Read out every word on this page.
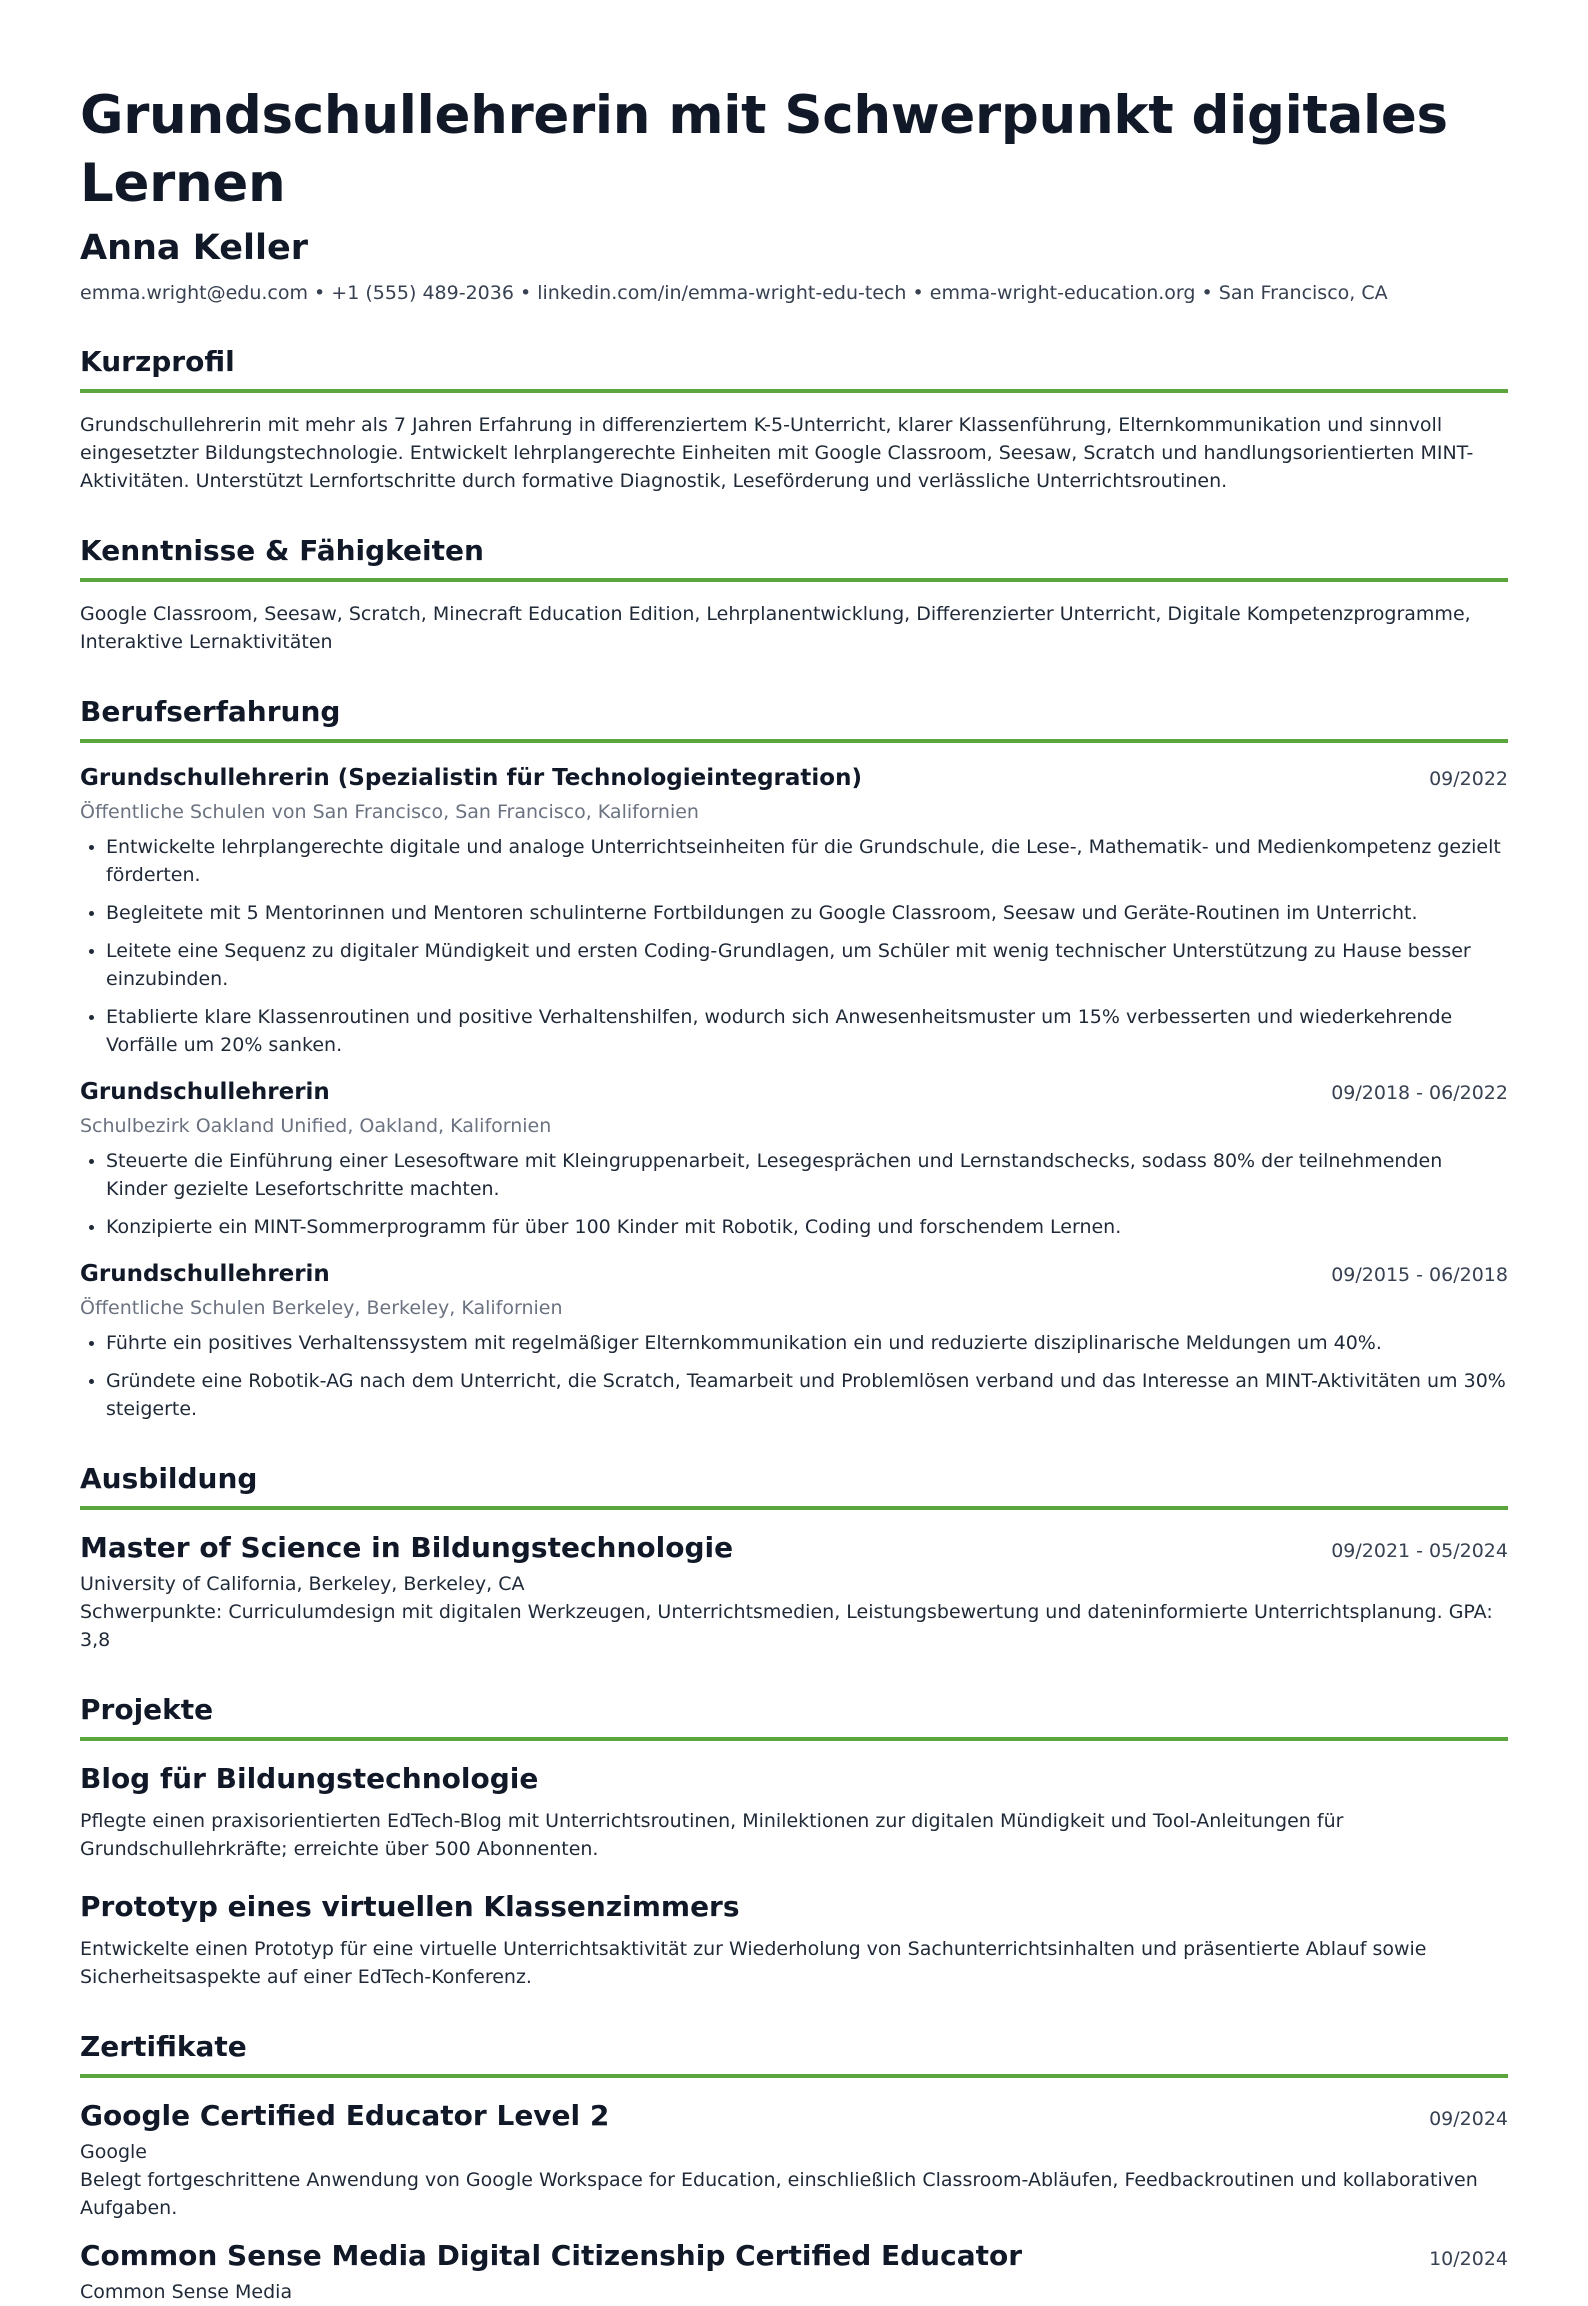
Grundschullehrerin mit Schwerpunkt digitales Lernen
Anna Keller
emma.wright@edu.com • +1 (555) 489-2036 • linkedin.com/in/emma-wright-edu-tech • emma-wright-education.org • San Francisco, CA
Kurzprofil
Grundschullehrerin mit mehr als 7 Jahren Erfahrung in differenziertem K-5-Unterricht, klarer Klassenführung, Elternkommunikation und sinnvoll eingesetzter Bildungstechnologie. Entwickelt lehrplangerechte Einheiten mit Google Classroom, Seesaw, Scratch und handlungsorientierten MINT-Aktivitäten. Unterstützt Lernfortschritte durch formative Diagnostik, Leseförderung und verlässliche Unterrichtsroutinen.
Kenntnisse & Fähigkeiten
Google Classroom, Seesaw, Scratch, Minecraft Education Edition, Lehrplanentwicklung, Differenzierter Unterricht, Digitale Kompetenzprogramme, Interaktive Lernaktivitäten
Berufserfahrung
Grundschullehrerin (Spezialistin für Technologieintegration)	09/2022
Öffentliche Schulen von San Francisco, San Francisco, Kalifornien
• Entwickelte lehrplangerechte digitale und analoge Unterrichtseinheiten für die Grundschule, die Lese-, Mathematik- und Medienkompetenz gezielt förderten.
• Begleitete mit 5 Mentorinnen und Mentoren schulinterne Fortbildungen zu Google Classroom, Seesaw und Geräte-Routinen im Unterricht.
• Leitete eine Sequenz zu digitaler Mündigkeit und ersten Coding-Grundlagen, um Schüler mit wenig technischer Unterstützung zu Hause besser einzubinden.
• Etablierte klare Klassenroutinen und positive Verhaltenshilfen, wodurch sich Anwesenheitsmuster um 15% verbesserten und wiederkehrende Vorfälle um 20% sanken.
Grundschullehrerin	09/2018 - 06/2022
Schulbezirk Oakland Unified, Oakland, Kalifornien
• Steuerte die Einführung einer Lesesoftware mit Kleingruppenarbeit, Lesegesprächen und Lernstandschecks, sodass 80% der teilnehmenden Kinder gezielte Lesefortschritte machten.
• Konzipierte ein MINT-Sommerprogramm für über 100 Kinder mit Robotik, Coding und forschendem Lernen.
Grundschullehrerin	09/2015 - 06/2018
Öffentliche Schulen Berkeley, Berkeley, Kalifornien
• Führte ein positives Verhaltenssystem mit regelmäßiger Elternkommunikation ein und reduzierte disziplinarische Meldungen um 40%.
• Gründete eine Robotik-AG nach dem Unterricht, die Scratch, Teamarbeit und Problemlösen verband und das Interesse an MINT-Aktivitäten um 30% steigerte.
Ausbildung
Master of Science in Bildungstechnologie	09/2021 - 05/2024
University of California, Berkeley, Berkeley, CA
Schwerpunkte: Curriculumdesign mit digitalen Werkzeugen, Unterrichtsmedien, Leistungsbewertung und dateninformierte Unterrichtsplanung. GPA: 3,8
Projekte
Blog für Bildungstechnologie
Pflegte einen praxisorientierten EdTech-Blog mit Unterrichtsroutinen, Minilektionen zur digitalen Mündigkeit und Tool-Anleitungen für Grundschullehrkräfte; erreichte über 500 Abonnenten.
Prototyp eines virtuellen Klassenzimmers
Entwickelte einen Prototyp für eine virtuelle Unterrichtsaktivität zur Wiederholung von Sachunterrichtsinhalten und präsentierte Ablauf sowie Sicherheitsaspekte auf einer EdTech-Konferenz.
Zertifikate
Google Certified Educator Level 2	09/2024
Google
Belegt fortgeschrittene Anwendung von Google Workspace for Education, einschließlich Classroom-Abläufen, Feedbackroutinen und kollaborativen Aufgaben.
Common Sense Media Digital Citizenship Certified Educator	10/2024
Common Sense Media
